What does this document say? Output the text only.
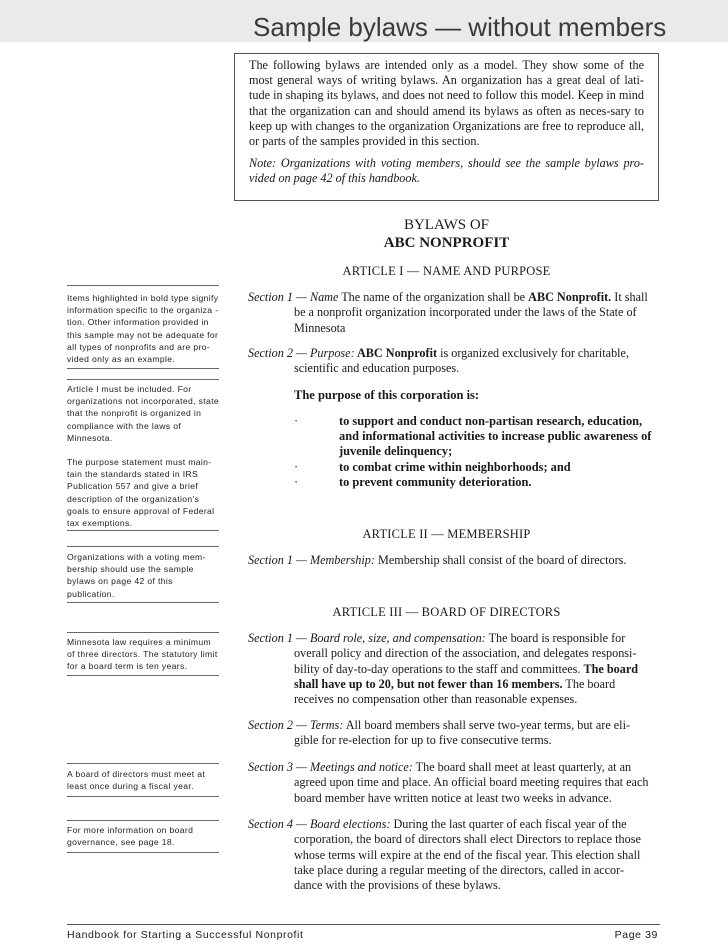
Sample bylaws — without members

The following bylaws are intended only as a model. They show some of the most general ways of writing bylaws. An organization has a great deal of lati-tude in shaping its bylaws, and does not need to follow this model. Keep in mind that the organization can and should amend its bylaws as often as neces-sary to keep up with changes to the organization Organizations are free to reproduce all, or parts of the samples provided in this section.

Note: Organizations with voting members, should see the sample bylaws pro-vided on page 42 of this handbook.

BYLAWS OF
ABC NONPROFIT
ARTICLE I — NAME AND PURPOSE
Section 1 — Name The name of the organization shall be ABC Nonprofit. It shall be a nonprofit organization incorporated under the laws of the State of Minnesota
Section 2 — Purpose: ABC Nonprofit is organized exclusively for charitable, scientific and education purposes.
The purpose of this corporation is:
·	to support and conduct non-partisan research, education, and informational activities to increase public awareness of juvenile delinquency;
·	to combat crime within neighborhoods; and
·	to prevent community deterioration.
ARTICLE II — MEMBERSHIP
Section 1 — Membership: Membership shall consist of the board of directors.
ARTICLE III — BOARD OF DIRECTORS
Section 1 — Board role, size, and compensation: The board is responsible for overall policy and direction of the association, and delegates responsi-bility of day-to-day operations to the staff and committees. The board shall have up to 20, but not fewer than 16 members. The board receives no compensation other than reasonable expenses.
Section 2 — Terms: All board members shall serve two-year terms, but are eli-gible for re-election for up to five consecutive terms.
Section 3 — Meetings and notice: The board shall meet at least quarterly, at an agreed upon time and place. An official board meeting requires that each board member have written notice at least two weeks in advance.
Section 4 — Board elections: During the last quarter of each fiscal year of the corporation, the board of directors shall elect Directors to replace those whose terms will expire at the end of the fiscal year. This election shall take place during a regular meeting of the directors, called in accor-dance with the provisions of these bylaws.
Items highlighted in bold type signify information specific to the organiza -tion. Other information provided in this sample may not be adequate for all types of nonprofits and are pro-vided only as an example.
Article I must be included. For organizations not incorporated, state that the nonprofit is organized in compliance with the laws of Minnesota.
The purpose statement must main-tain the standards stated in IRS Publication 557 and give a brief description of the organization's goals to ensure approval of Federal tax exemptions.
Organizations with a voting mem-bership should use the sample bylaws on page 42 of this publication.
Minnesota law requires a minimum of three directors. The statutory limit for a board term is ten years.
A board of directors must meet at least once during a fiscal year.
For more information on board governance, see page 18.
Handbook for Starting a Successful Nonprofit	Page 39
